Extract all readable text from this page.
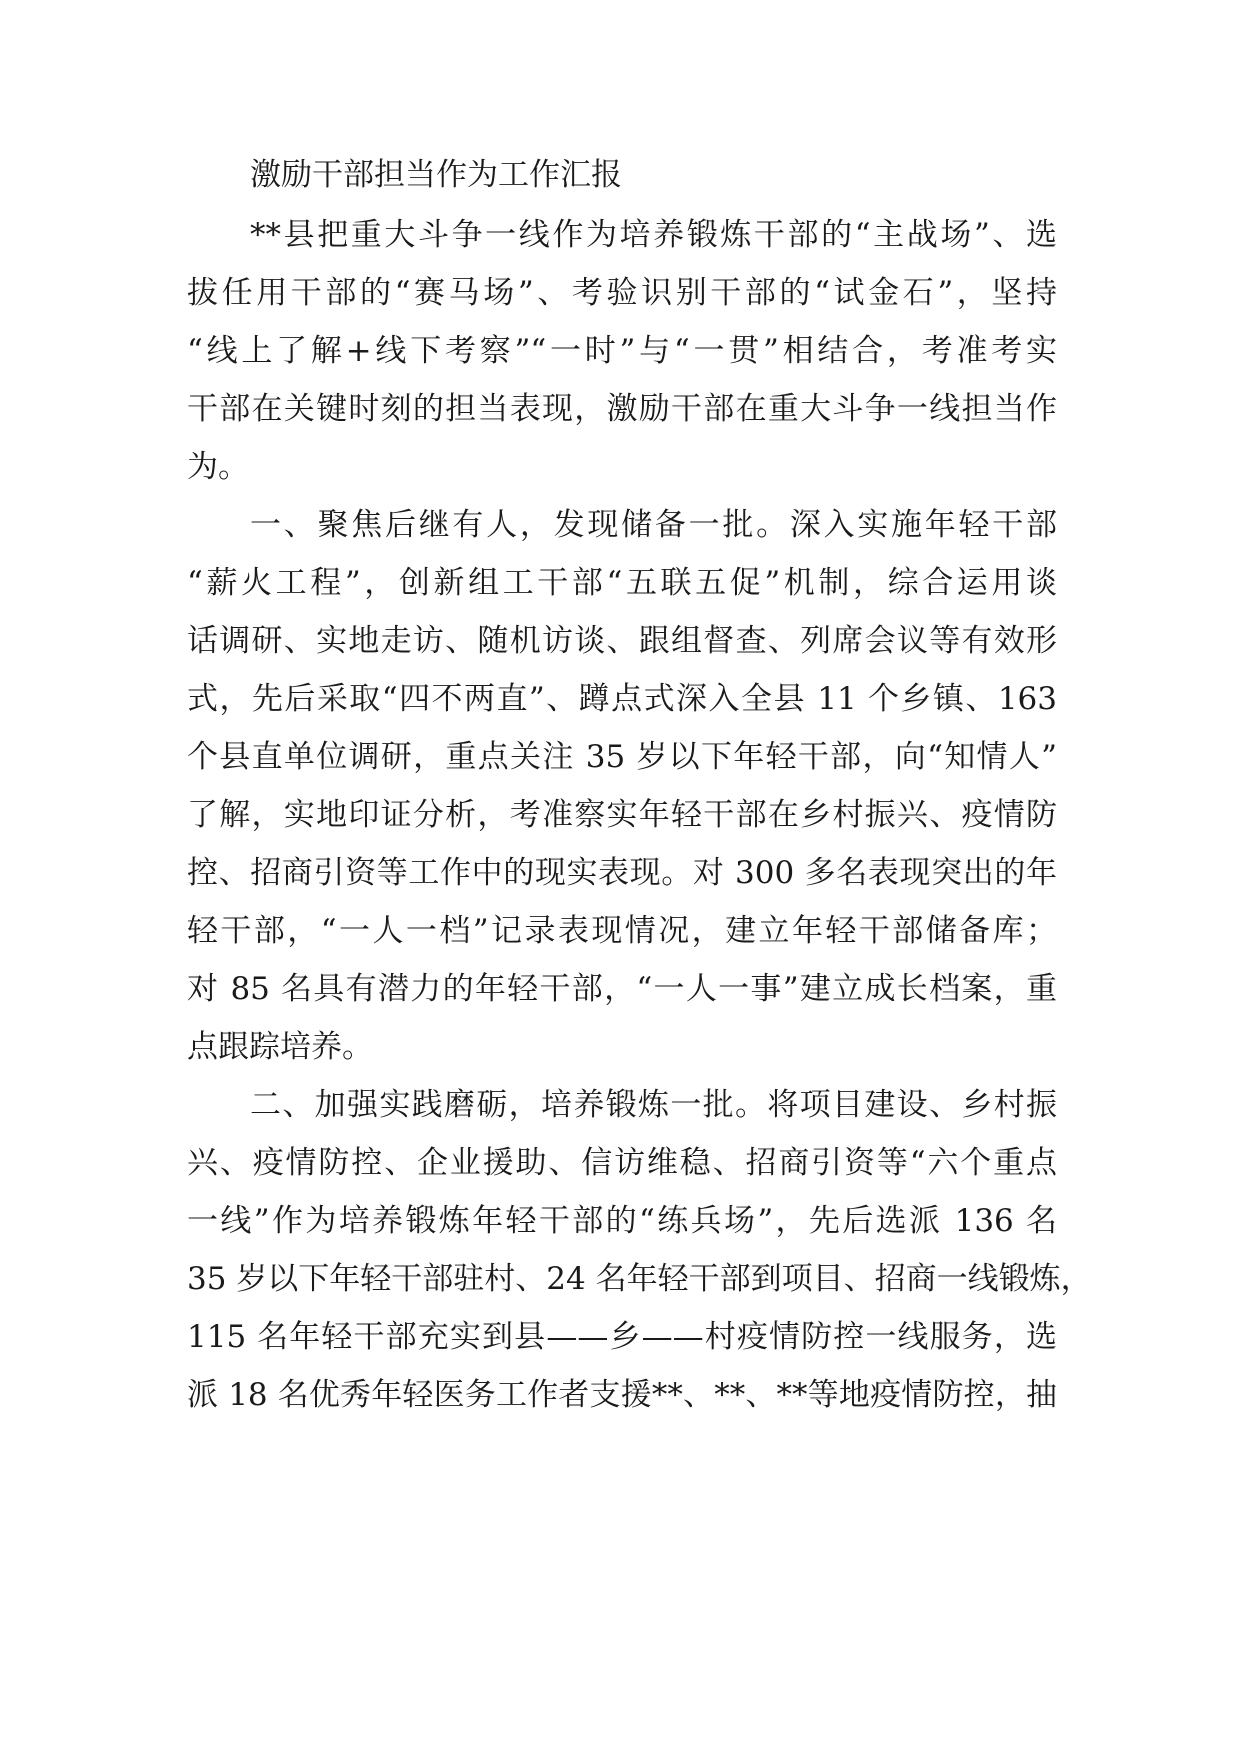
激励干部担当作为工作汇报
**县把重大斗争一线作为培养锻炼干部的“主战场”、选
拔任用干部的“赛马场”、考验识别干部的“试金石”，坚持
“线上了解+线下考察”“一时”与“一贯”相结合，考准考实
干部在关键时刻的担当表现，激励干部在重大斗争一线担当作
为。
一、聚焦后继有人，发现储备一批。深入实施年轻干部
“薪火工程”，创新组工干部“五联五促”机制，综合运用谈
话调研、实地走访、随机访谈、跟组督查、列席会议等有效形
式，先后采取“四不两直”、蹲点式深入全县 11 个乡镇、163
个县直单位调研，重点关注 35 岁以下年轻干部，向“知情人”
了解，实地印证分析，考准察实年轻干部在乡村振兴、疫情防
控、招商引资等工作中的现实表现。对 300 多名表现突出的年
轻干部，“一人一档”记录表现情况，建立年轻干部储备库；
对 85 名具有潜力的年轻干部，“一人一事”建立成长档案，重
点跟踪培养。
二、加强实践磨砺，培养锻炼一批。将项目建设、乡村振
兴、疫情防控、企业援助、信访维稳、招商引资等“六个重点
一线”作为培养锻炼年轻干部的“练兵场”，先后选派 136 名
35 岁以下年轻干部驻村、24 名年轻干部到项目、招商一线锻炼，
115 名年轻干部充实到县——乡——村疫情防控一线服务，选
派 18 名优秀年轻医务工作者支援**、**、**等地疫情防控，抽
